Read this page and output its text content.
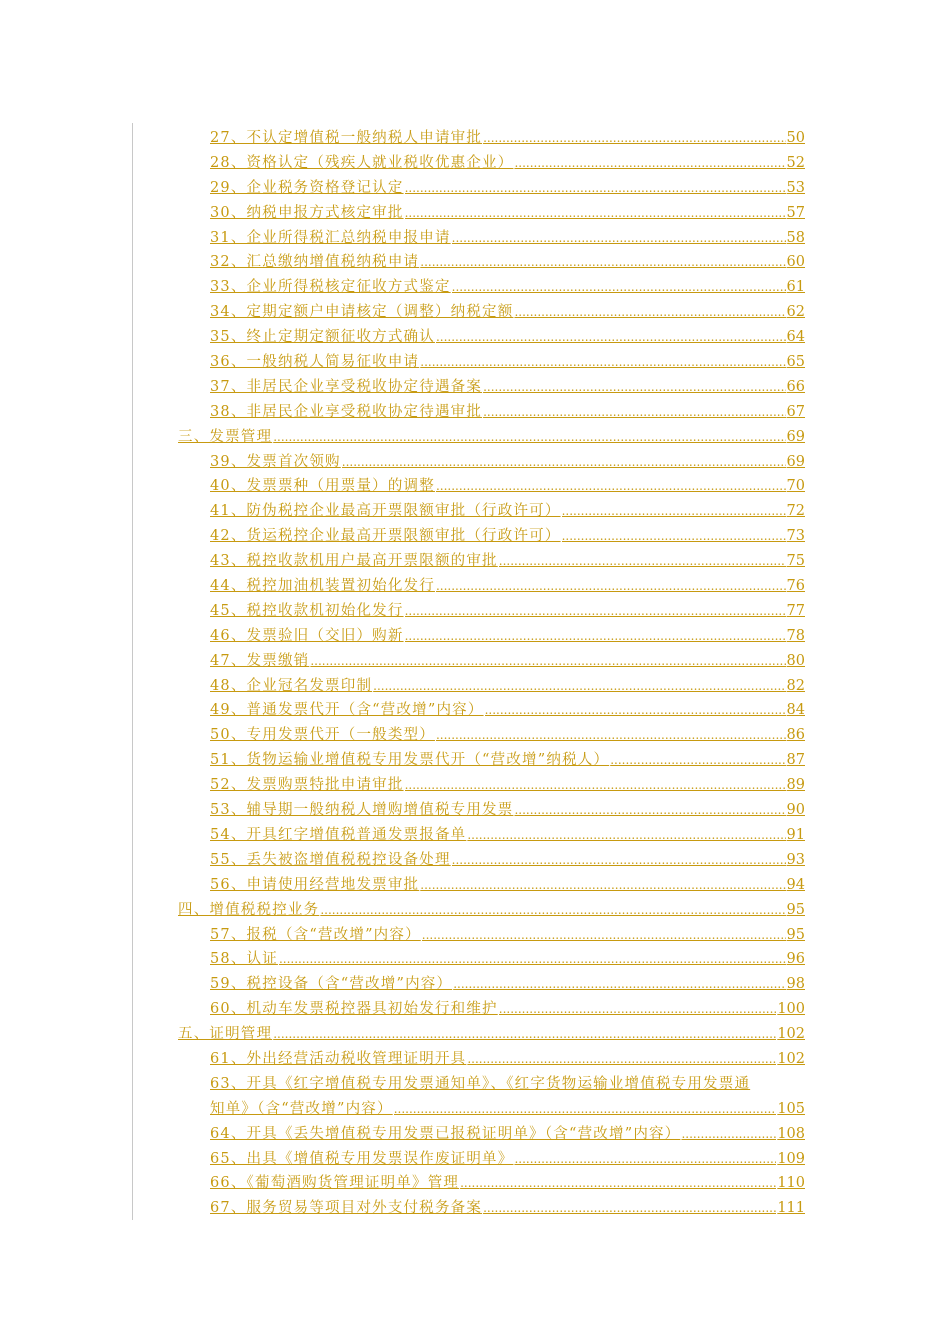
27、不认定增值税一般纳税人申请审批 .....	50
28、资格认定（残疾人就业税收优惠企业） .....	52
29、企业税务资格登记认定 .....	53
30、纳税申报方式核定审批 .....	57
31、企业所得税汇总纳税申报申请 .....	58
32、汇总缴纳增值税纳税申请 .....	60
33、企业所得税核定征收方式鉴定 .....	61
34、定期定额户申请核定（调整）纳税定额 .....	62
35、终止定期定额征收方式确认 .....	64
36、一般纳税人简易征收申请 .....	65
37、非居民企业享受税收协定待遇备案 .....	66
38、非居民企业享受税收协定待遇审批 .....	67
三、发票管理 .....	69
39、发票首次领购 .....	69
40、发票票种（用票量）的调整 .....	70
41、防伪税控企业最高开票限额审批（行政许可） .....	72
42、货运税控企业最高开票限额审批（行政许可） .....	73
43、税控收款机用户最高开票限额的审批 .....	75
44、税控加油机装置初始化发行 .....	76
45、税控收款机初始化发行 .....	77
46、发票验旧（交旧）购新 .....	78
47、发票缴销 .....	80
48、企业冠名发票印制 .....	82
49、普通发票代开（含“营改增”内容） .....	84
50、专用发票代开（一般类型） .....	86
51、货物运输业增值税专用发票代开（“营改增”纳税人） .....	87
52、发票购票特批申请审批 .....	89
53、辅导期一般纳税人增购增值税专用发票 .....	90
54、开具红字增值税普通发票报备单 .....	91
55、丢失被盗增值税税控设备处理 .....	93
56、申请使用经营地发票审批 .....	94
四、增值税税控业务 .....	95
57、报税（含“营改增”内容） .....	95
58、认证 .....	96
59、税控设备（含“营改增”内容） .....	98
60、机动车发票税控器具初始发行和维护 .....	100
五、证明管理 .....	102
61、外出经营活动税收管理证明开具 .....	102
63、开具《红字增值税专用发票通知单》、《红字货物运输业增值税专用发票通
知单》（含“营改增”内容） .....	105
64、开具《丢失增值税专用发票已报税证明单》（含“营改增”内容） .....	108
65、出具《增值税专用发票误作废证明单》 .....	109
66、《葡萄酒购货管理证明单》管理 .....	110
67、服务贸易等项目对外支付税务备案 .....	111
